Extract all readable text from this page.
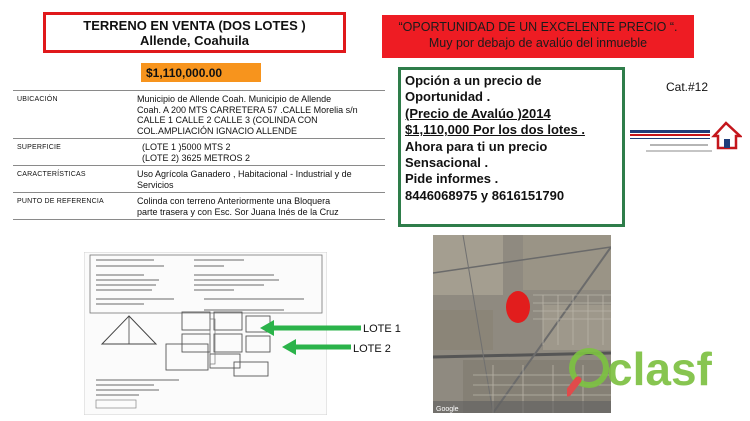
TERRENO EN VENTA (DOS LOTES )
Allende, Coahuila
“OPORTUNIDAD DE UN EXCELENTE PRECIO “.
Muy por debajo de avalúo del inmueble
$1,110,000.00
UBICACIÓN	Municipio de Allende Coah. Municipio de Allende
Coah. A 200 MTS CARRETERA 57 .CALLE Morelia s/n
CALLE 1 CALLE 2 CALLE 3 (COLINDA CON
COL.AMPLIACIÓN IGNACIO ALLENDE

SUPERFICIE	(LOTE 1 )5000 MTS 2
(LOTE 2) 3625 METROS 2

CARACTERÍSTICAS	Uso Agrícola Ganadero , Habitacional - Industrial y de
Servicios

PUNTO DE REFERENCIA	Colinda con terreno Anteriormente una Bloquera
parte trasera y con Esc. Sor Juana Inés de la Cruz
Opción a un precio de
Oportunidad .
(Precio de Avalúo )2014
$1,110,000 Por los dos lotes .
Ahora para ti un precio
Sensacional .
Pide informes .
8446068975 y 8616151790
Cat.#12
LOTE 1
LOTE 2
Google
clasf
